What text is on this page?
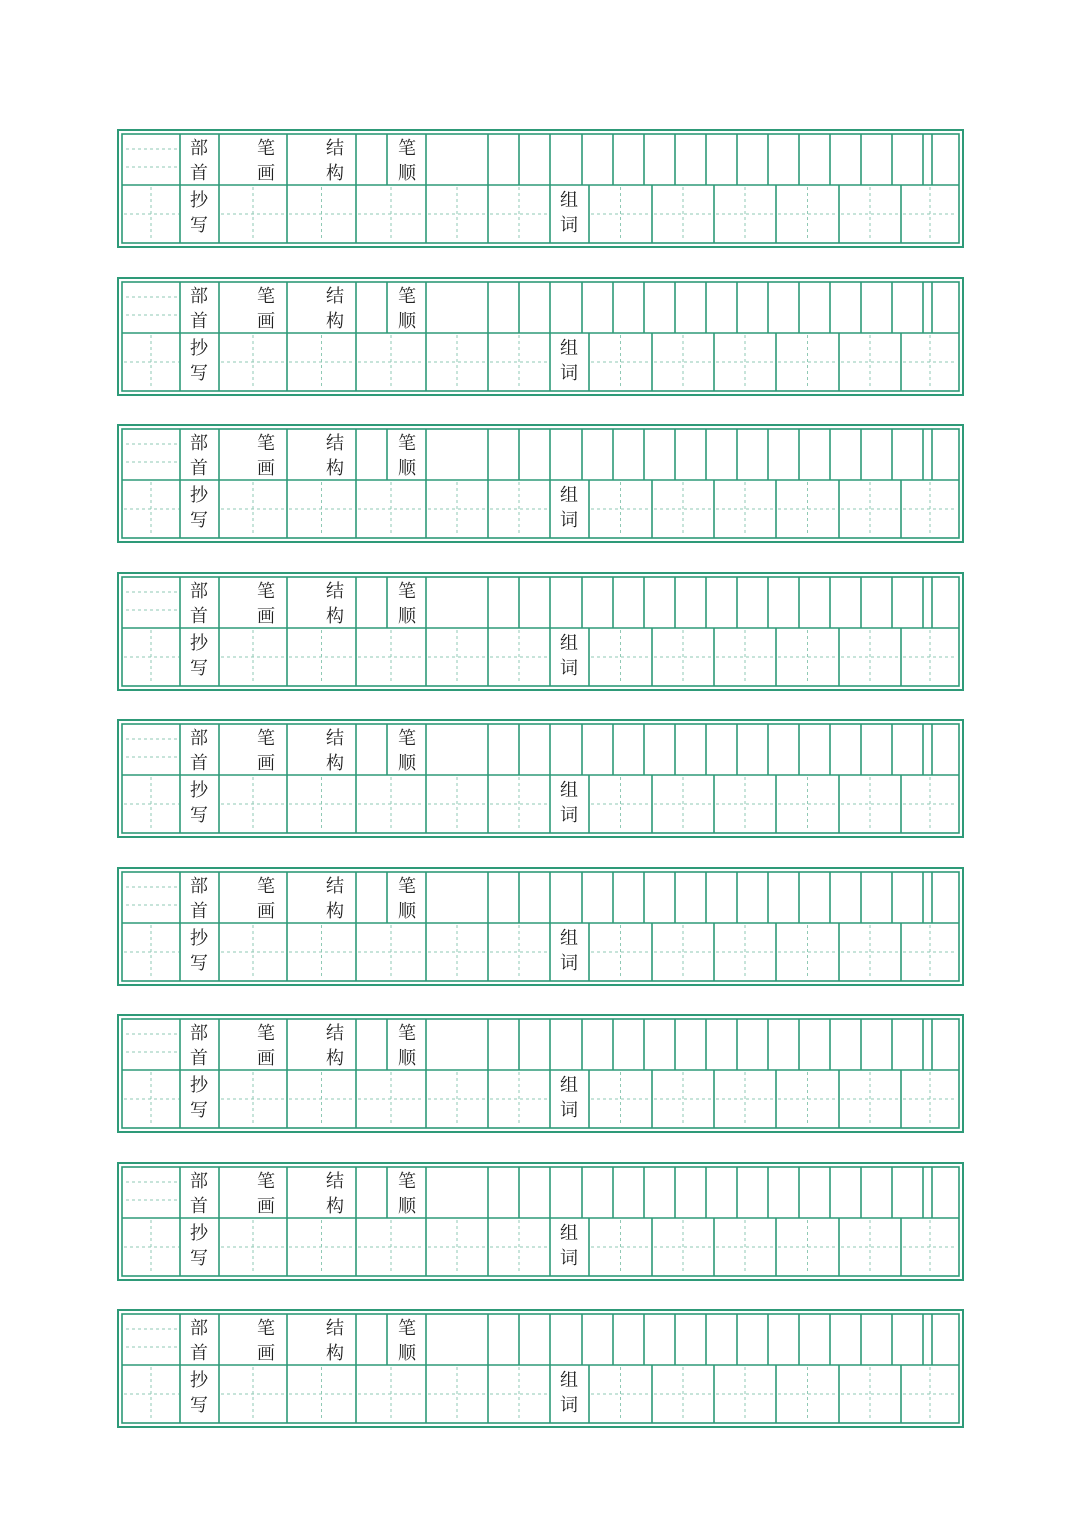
部
首
笔
画
结
构
笔
顺
抄
写
组
词
部
首
笔
画
结
构
笔
顺
抄
写
组
词
部
首
笔
画
结
构
笔
顺
抄
写
组
词
部
首
笔
画
结
构
笔
顺
抄
写
组
词
部
首
笔
画
结
构
笔
顺
抄
写
组
词
部
首
笔
画
结
构
笔
顺
抄
写
组
词
部
首
笔
画
结
构
笔
顺
抄
写
组
词
部
首
笔
画
结
构
笔
顺
抄
写
组
词
部
首
笔
画
结
构
笔
顺
抄
写
组
词
